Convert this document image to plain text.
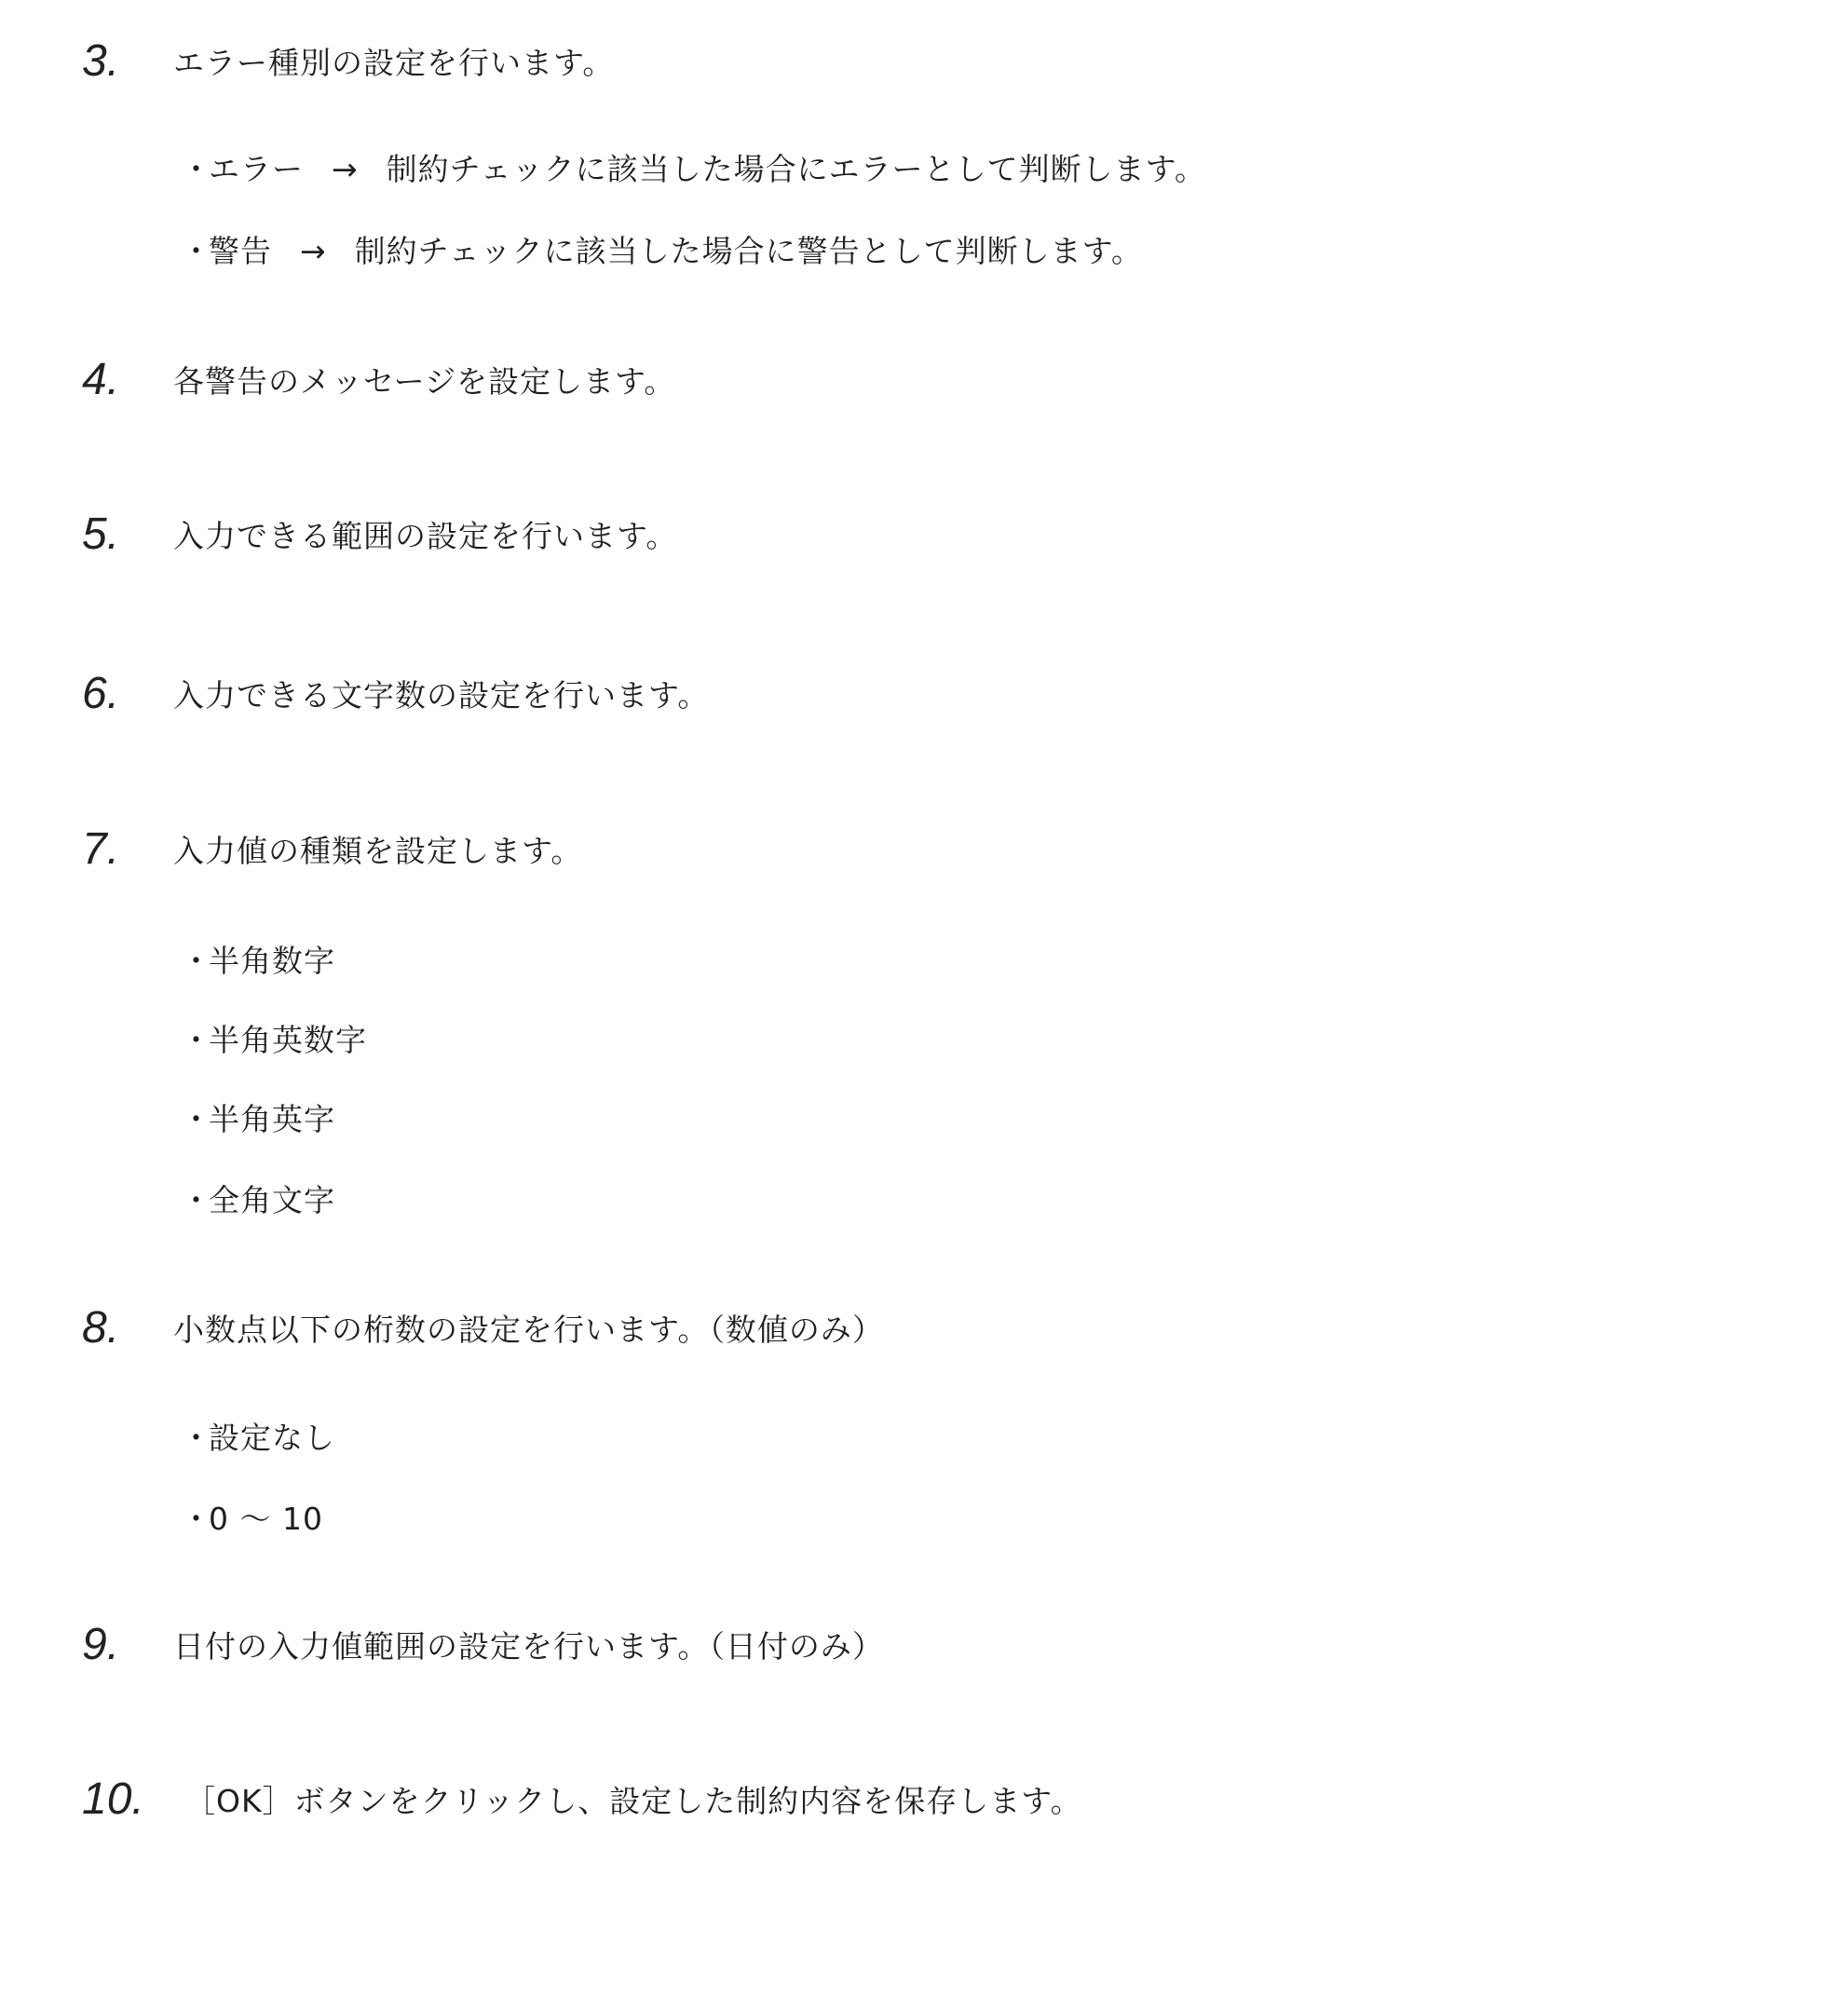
3. エラー種別の設定を行います。
・エラー → 制約チェックに該当した場合にエラーとして判断します。
・警告 → 制約チェックに該当した場合に警告として判断します。
4. 各警告のメッセージを設定します。
5. 入力できる範囲の設定を行います。
6. 入力できる文字数の設定を行います。
7. 入力値の種類を設定します。
・半角数字
・半角英数字
・半角英字
・全角文字
8. 小数点以下の桁数の設定を行います。（数値のみ）
・設定なし
・0 ～ 10
9. 日付の入力値範囲の設定を行います。（日付のみ）
10. ［OK］ボタンをクリックし、設定した制約内容を保存します。
